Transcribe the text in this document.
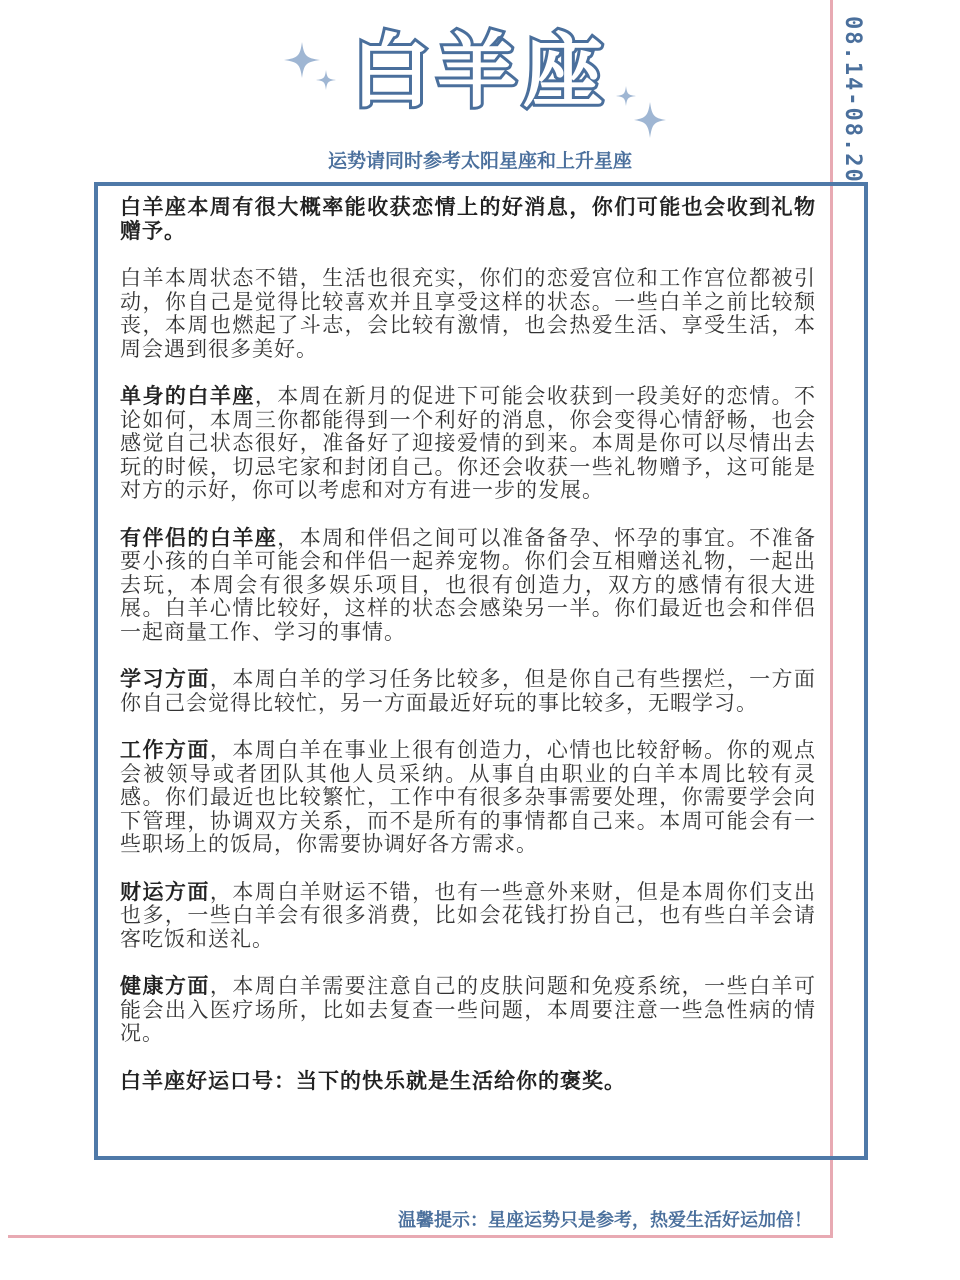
08.14-08.20
白羊座
运势请同时参考太阳星座和上升星座

白羊座本周有很大概率能收获恋情上的好消息，你们可能也会收到礼物赠予。

白羊本周状态不错，生活也很充实，你们的恋爱宫位和工作宫位都被引动，你自己是觉得比较喜欢并且享受这样的状态。一些白羊之前比较颓丧，本周也燃起了斗志，会比较有激情，也会热爱生活、享受生活，本周会遇到很多美好。

单身的白羊座，本周在新月的促进下可能会收获到一段美好的恋情。不论如何，本周三你都能得到一个利好的消息，你会变得心情舒畅，也会感觉自己状态很好，准备好了迎接爱情的到来。本周是你可以尽情出去玩的时候，切忌宅家和封闭自己。你还会收获一些礼物赠予，这可能是对方的示好，你可以考虑和对方有进一步的发展。

有伴侣的白羊座，本周和伴侣之间可以准备备孕、怀孕的事宜。不准备要小孩的白羊可能会和伴侣一起养宠物。你们会互相赠送礼物，一起出去玩，本周会有很多娱乐项目，也很有创造力，双方的感情有很大进展。白羊心情比较好，这样的状态会感染另一半。你们最近也会和伴侣一起商量工作、学习的事情。

学习方面，本周白羊的学习任务比较多，但是你自己有些摆烂，一方面你自己会觉得比较忙，另一方面最近好玩的事比较多，无暇学习。

工作方面，本周白羊在事业上很有创造力，心情也比较舒畅。你的观点会被领导或者团队其他人员采纳。从事自由职业的白羊本周比较有灵感。你们最近也比较繁忙，工作中有很多杂事需要处理，你需要学会向下管理，协调双方关系，而不是所有的事情都自己来。本周可能会有一些职场上的饭局，你需要协调好各方需求。

财运方面，本周白羊财运不错，也有一些意外来财，但是本周你们支出也多，一些白羊会有很多消费，比如会花钱打扮自己，也有些白羊会请客吃饭和送礼。

健康方面，本周白羊需要注意自己的皮肤问题和免疫系统，一些白羊可能会出入医疗场所，比如去复查一些问题，本周要注意一些急性病的情况。

白羊座好运口号：当下的快乐就是生活给你的褒奖。

温馨提示：星座运势只是参考，热爱生活好运加倍！
